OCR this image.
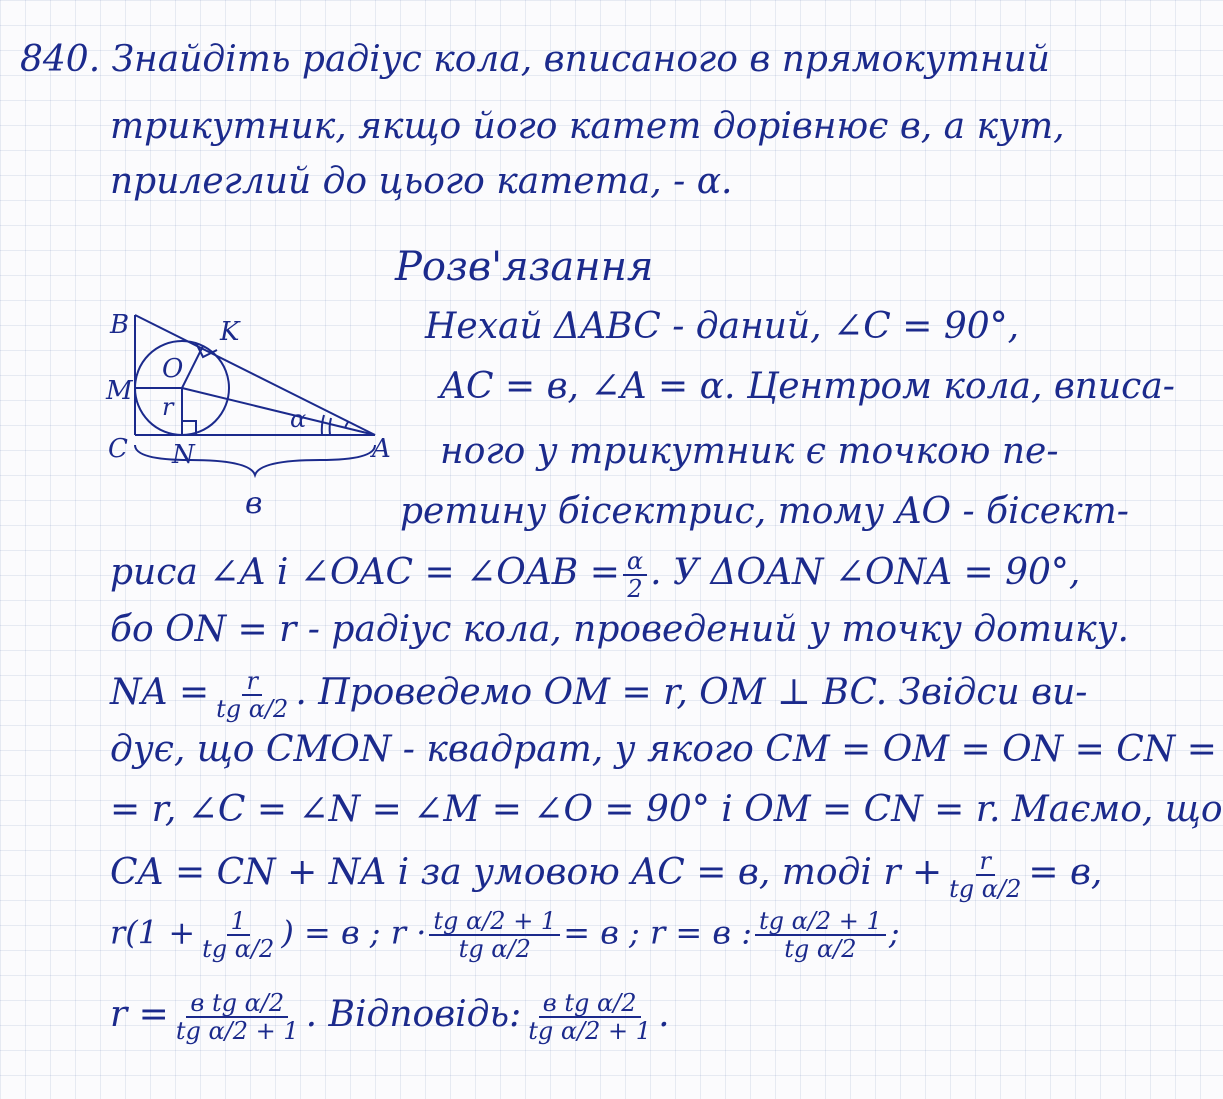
840. Знайдіть радіус кола, вписаного в прямокутний
трикутник, якщо його катет дорівнює в, а кут,
прилеглий до цього катета, - α.
Розв'язання
B	K
O
M
r	α
C N	A
в
Нехай ΔABC - даний, ∠C = 90°,
AC = в, ∠A = α. Центром кола, вписа-
ного у трикутник є точкою пе-
ретину бісектрис, тому AO - бісект-
риса ∠A і ∠OAC = ∠OAB = $\frac{\alpha}{2}$ . У ΔOAN ∠ONA = 90°,
бо ON = r - радіус кола, проведений у точку дотику.
NA = $\frac{r}{\text{tg α/2}}$ . Проведемо OM = r, OM ⊥ BC. Звідси ви-
дує, що CMON - квадрат, у якого CM = OM = ON = CN =
= r, ∠C = ∠N = ∠M = ∠O = 90° і OM = CN = r. Маємо, що
CA = CN + NA і за умовою AC = в, тоді $r + \frac{r}{\text{tg α/2}} = в$,
$r(1 + \frac{1}{\text{tg α/2}}$ ) = в ; $r \cdot \frac{\text{tg α/2 + 1}}{\text{tg α/2}} = в$ ; r = в : $\frac{\text{tg α/2 + 1}}{\text{tg α/2}}$ ;
$r = \frac{\text{в tg α/2}}{\text{tg α/2 + 1}}$ . Відповідь: $\frac{\text{в tg α/2}}{\text{tg α/2 + 1}}$ .
